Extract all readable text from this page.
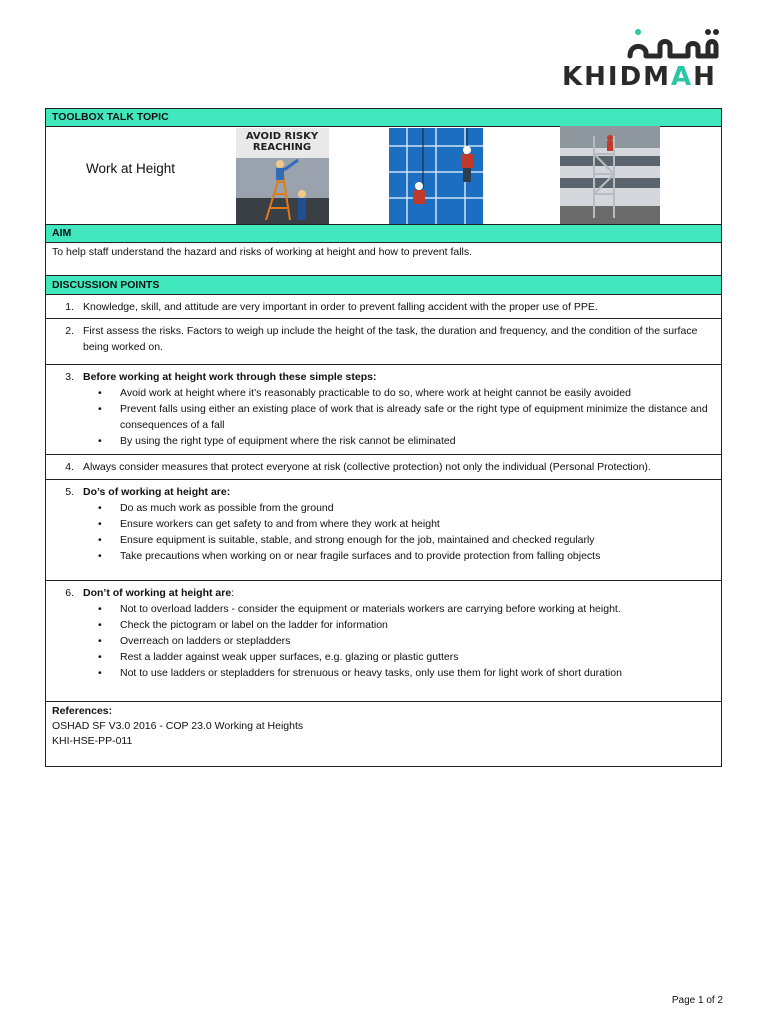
KHIDMAH
TOOLBOX TALK TOPIC
Work at Height
AVOID RISKY
REACHING
AIM
To help staff understand the hazard and risks of working at height and how to prevent falls.
DISCUSSION POINTS
1. Knowledge, skill, and attitude are very important in order to prevent falling accident with the proper use of PPE.
2. First assess the risks. Factors to weigh up include the height of the task, the duration and frequency, and the condition of the surface being worked on.
3. Before working at height work through these simple steps:
• Avoid work at height where it’s reasonably practicable to do so, where work at height cannot be easily avoided
• Prevent falls using either an existing place of work that is already safe or the right type of equipment minimize the distance and consequences of a fall
• By using the right type of equipment where the risk cannot be eliminated
4. Always consider measures that protect everyone at risk (collective protection) not only the individual (Personal Protection).
5. Do’s of working at height are:
• Do as much work as possible from the ground
• Ensure workers can get safety to and from where they work at height
• Ensure equipment is suitable, stable, and strong enough for the job, maintained and checked regularly
• Take precautions when working on or near fragile surfaces and to provide protection from falling objects
6. Don’t of working at height are:
• Not to overload ladders - consider the equipment or materials workers are carrying before working at height.
• Check the pictogram or label on the ladder for information
• Overreach on ladders or stepladders
• Rest a ladder against weak upper surfaces, e.g. glazing or plastic gutters
• Not to use ladders or stepladders for strenuous or heavy tasks, only use them for light work of short duration
References:
OSHAD SF V3.0 2016 - COP 23.0 Working at Heights
KHI-HSE-PP-011
Page 1 of 2
